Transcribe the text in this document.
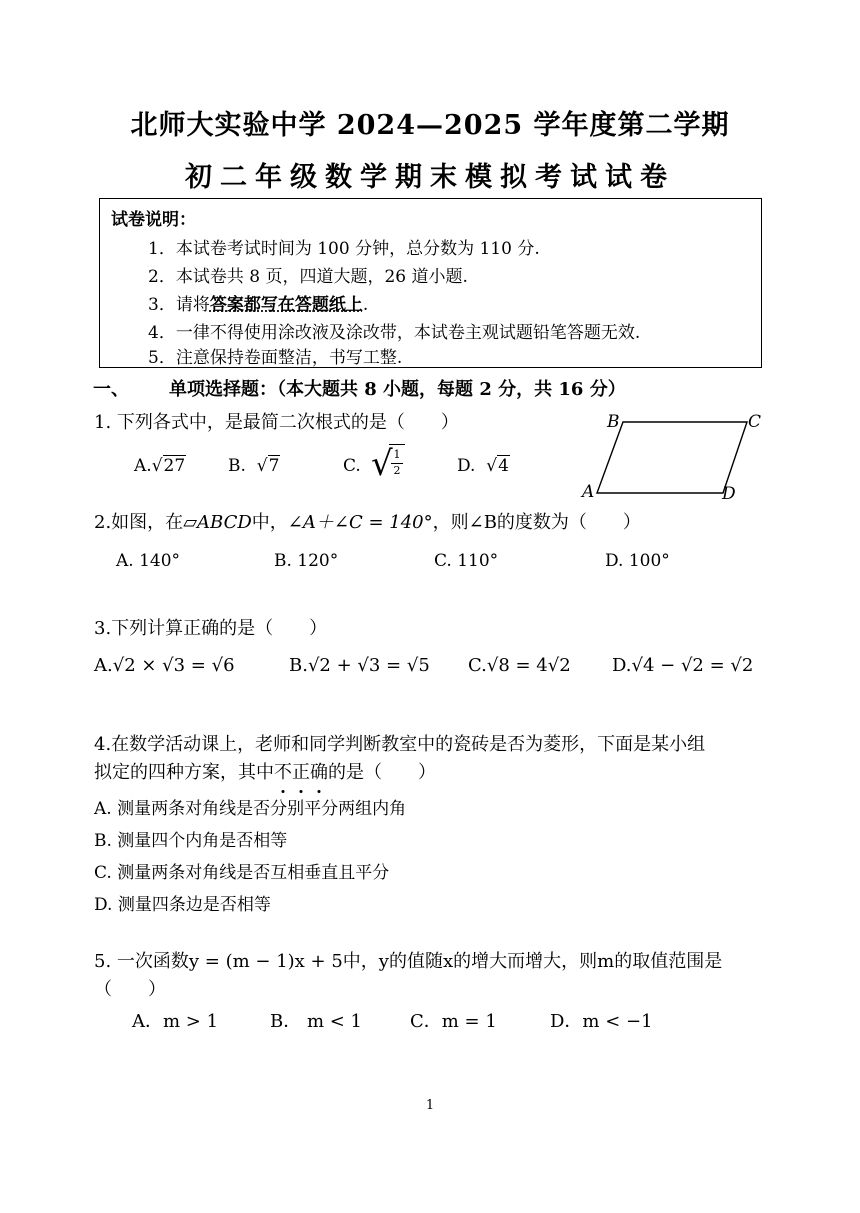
北师大实验中学 2024—2025 学年度第二学期
初二年级数学期末模拟考试试卷
试卷说明：
1．本试卷考试时间为 100 分钟，总分数为 110 分.
2．本试卷共 8 页，四道大题，26 道小题.
3．请将答案都写在答题纸上.
4．一律不得使用涂改液及涂改带，本试卷主观试题铅笔答题无效.
5．注意保持卷面整洁，书写工整.
一、 单项选择题：（本大题共 8 小题，每题 2 分，共 16 分）
1. 下列各式中，是最简二次根式的是（　　）
A.√27	B. √7	C. √ 1
2	D. √4
B	C
A	D
2.如图，在▱ABCD中，∠A＋∠C = 140°，则∠B的度数为（　　）
A. 140°	B. 120°	C. 110°	D. 100°
3.下列计算正确的是（　　）
A.√2 × √3 = √6	B.√2 + √3 = √5 C.√8 = 4√2 D.√4 − √2 = √2
4.在数学活动课上，老师和同学判断教室中的瓷砖是否为菱形，下面是某小组
拟定的四种方案，其中不
正
确
的是（　　）
A. 测量两条对角线是否分别平分两组内角
B. 测量四个内角是否相等
C. 测量两条对角线是否互相垂直且平分
D. 测量四条边是否相等
5. 一次函数y = (m − 1)x + 5中，y的值随x的增大而增大，则m的取值范围是
（　　）
A．m > 1	B． m < 1	C．m = 1	D．m < −1
1
